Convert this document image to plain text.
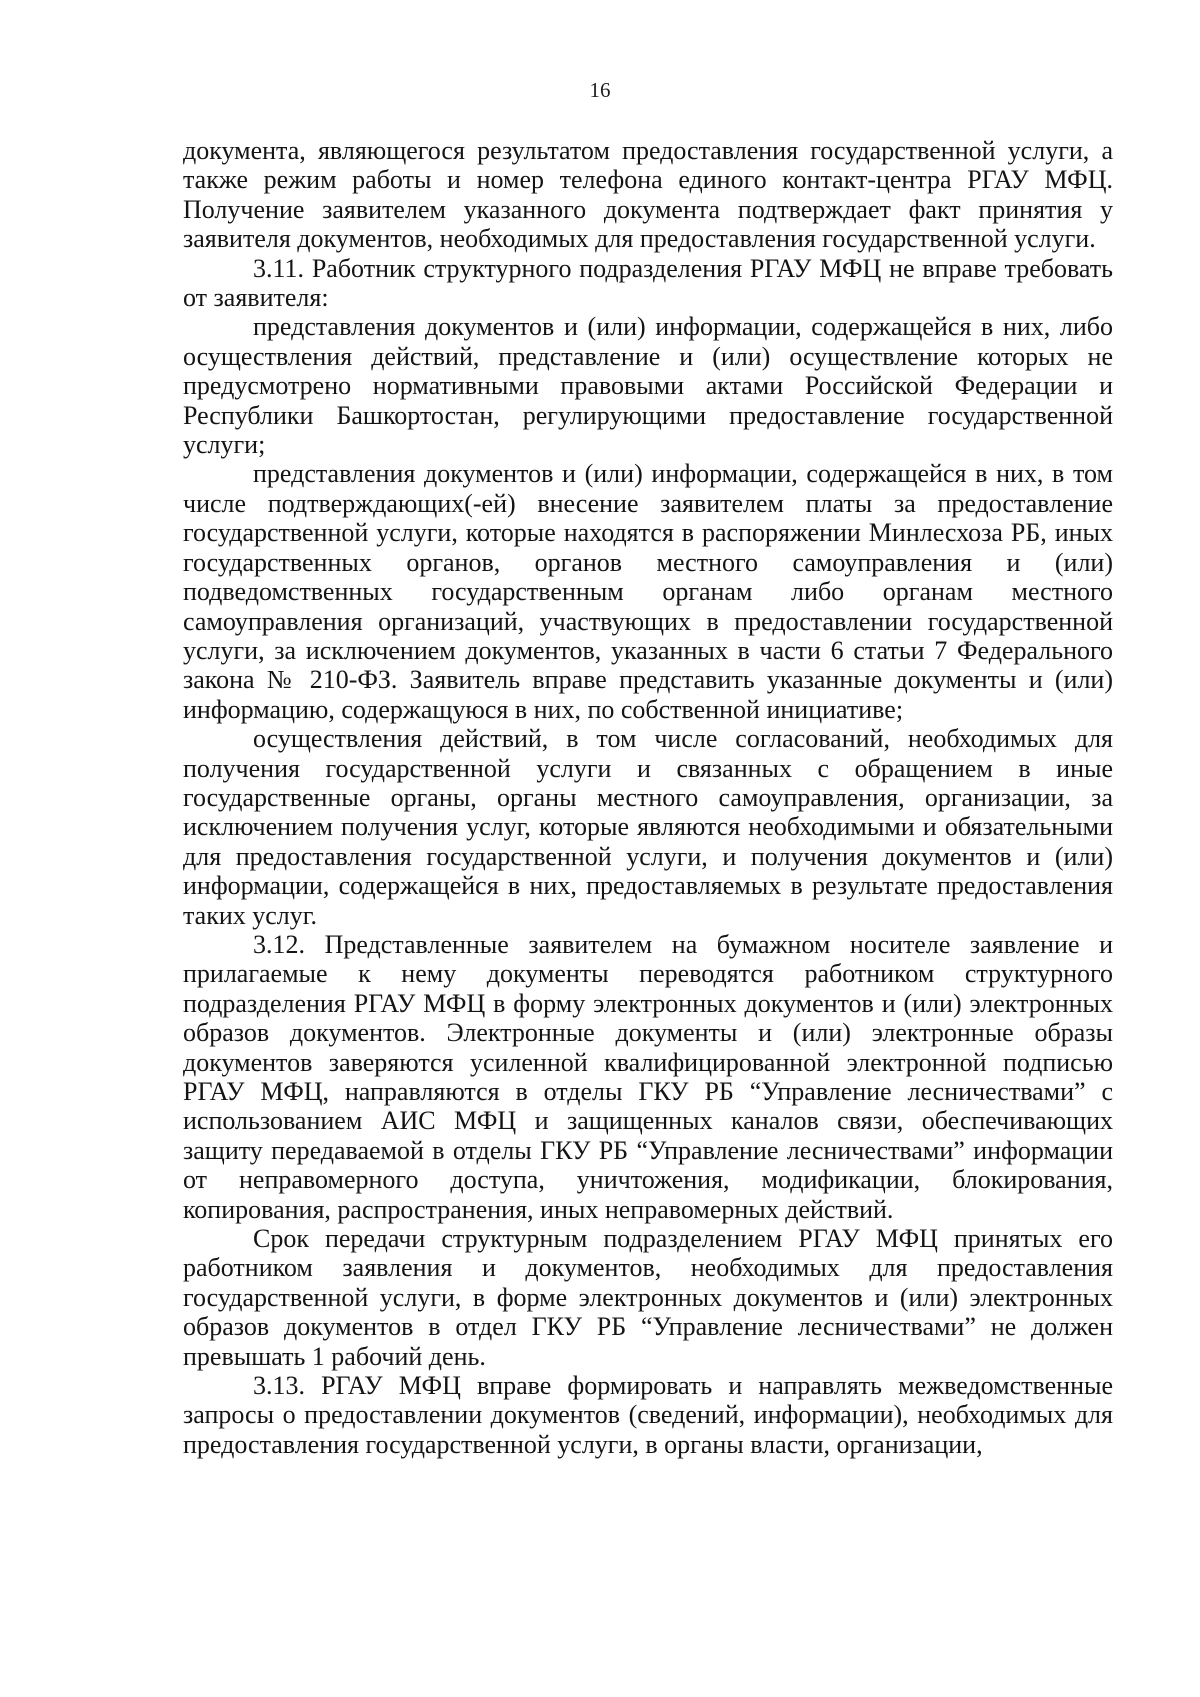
16

документа, являющегося результатом предоставления государственной услуги, а также режим работы и номер телефона единого контакт-центра РГАУ МФЦ. Получение заявителем указанного документа подтверждает факт принятия у заявителя документов, необходимых для предоставления государственной услуги.

3.11. Работник структурного подразделения РГАУ МФЦ не вправе требовать от заявителя:

представления документов и (или) информации, содержащейся в них, либо осуществления действий, представление и (или) осуществление которых не предусмотрено нормативными правовыми актами Российской Федерации и Республики Башкортостан, регулирующими предоставление государственной услуги;

представления документов и (или) информации, содержащейся в них, в том числе подтверждающих(-ей) внесение заявителем платы за предоставление государственной услуги, которые находятся в распоряжении Минлесхоза РБ, иных государственных органов, органов местного самоуправления и (или) подведомственных государственным органам либо органам местного самоуправления организаций, участвующих в предоставлении государственной услуги, за исключением документов, указанных в части 6 статьи 7 Федерального закона № 210-ФЗ. Заявитель вправе представить указанные документы и (или) информацию, содержащуюся в них, по собственной инициативе;

осуществления действий, в том числе согласований, необходимых для получения государственной услуги и связанных с обращением в иные государственные органы, органы местного самоуправления, организации, за исключением получения услуг, которые являются необходимыми и обязательными для предоставления государственной услуги, и получения документов и (или) информации, содержащейся в них, предоставляемых в результате предоставления таких услуг.

3.12. Представленные заявителем на бумажном носителе заявление и прилагаемые к нему документы переводятся работником структурного подразделения РГАУ МФЦ в форму электронных документов и (или) электронных образов документов. Электронные документы и (или) электронные образы документов заверяются усиленной квалифицированной электронной подписью РГАУ МФЦ, направляются в отделы ГКУ РБ “Управление лесничествами” с использованием АИС МФЦ и защищенных каналов связи, обеспечивающих защиту передаваемой в отделы ГКУ РБ “Управление лесничествами” информации от неправомерного доступа, уничтожения, модификации, блокирования, копирования, распространения, иных неправомерных действий.

Срок передачи структурным подразделением РГАУ МФЦ принятых его работником заявления и документов, необходимых для предоставления государственной услуги, в форме электронных документов и (или) электронных образов документов в отдел ГКУ РБ “Управление лесничествами” не должен превышать 1 рабочий день.

3.13. РГАУ МФЦ вправе формировать и направлять межведомственные запросы о предоставлении документов (сведений, информации), необходимых для предоставления государственной услуги, в органы власти, организации,
